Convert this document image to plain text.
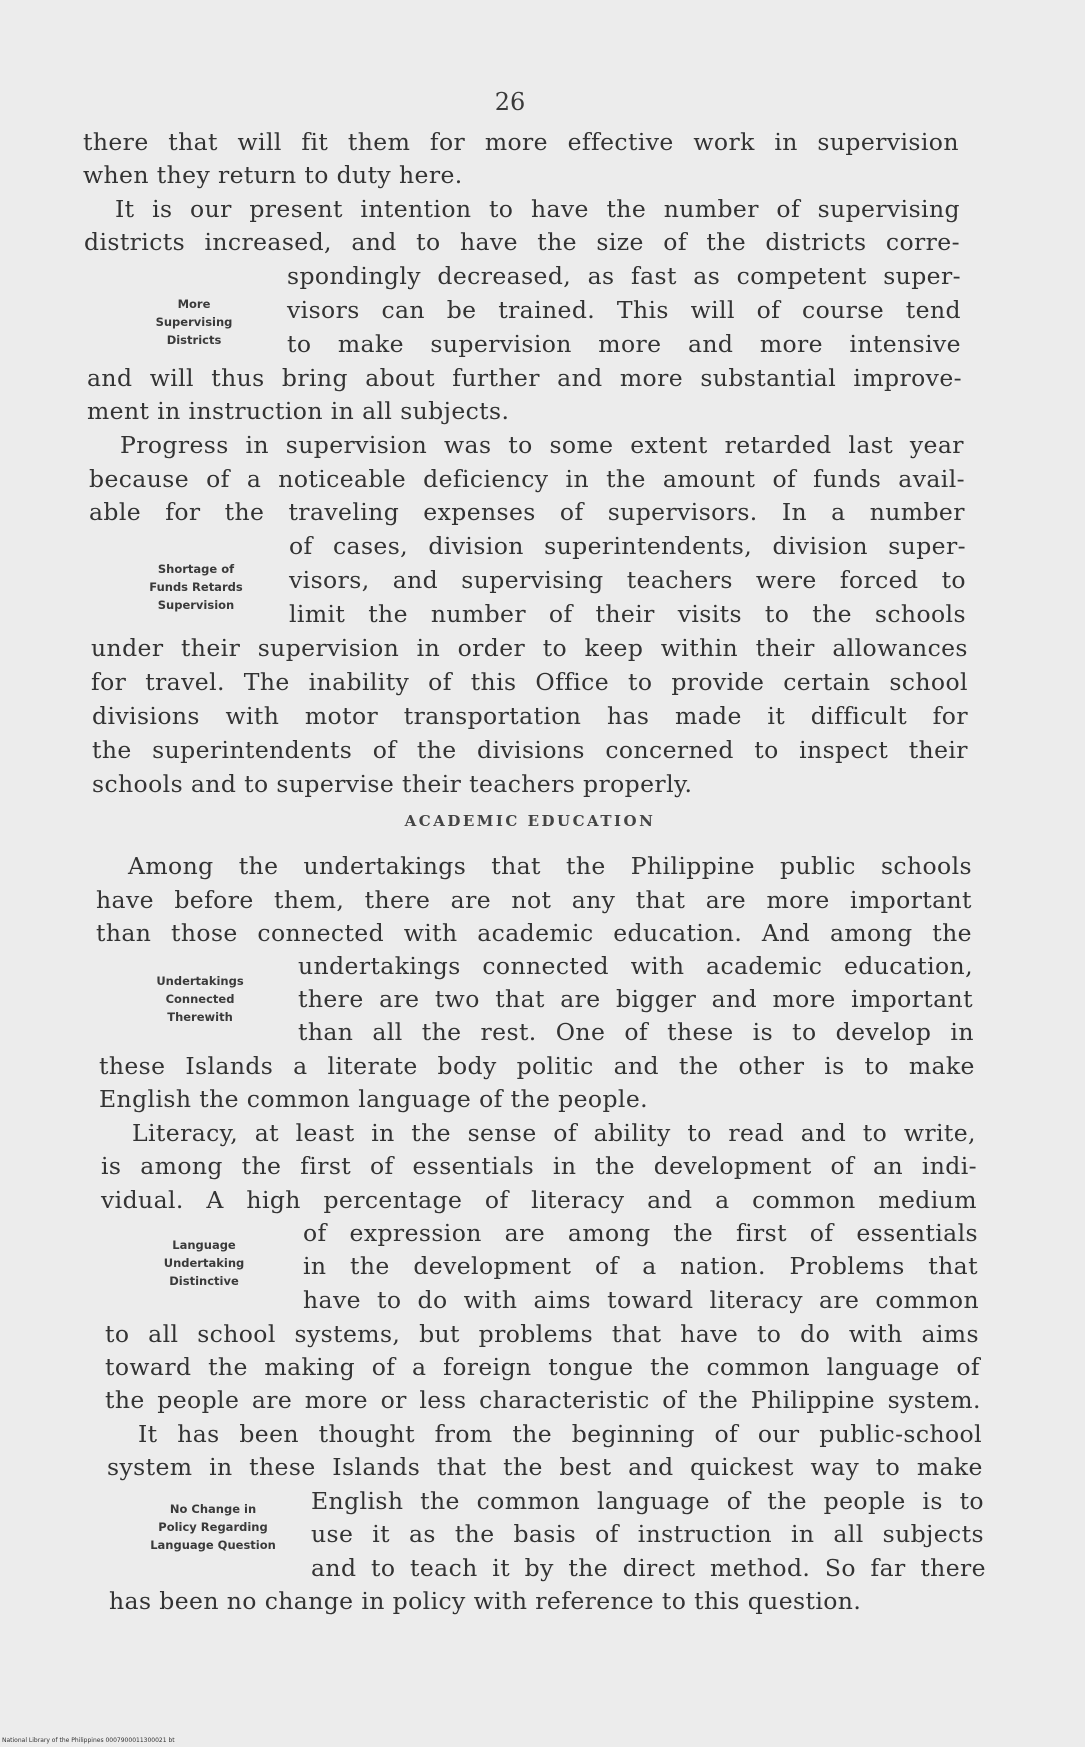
26
there that will fit them for more effective work in supervision
when they return to duty here.
It is our present intention to have the number of supervising
districts increased, and to have the size of the districts corre-
spondingly decreased, as fast as competent super-
visors can be trained. This will of course tend
to make supervision more and more intensive
and will thus bring about further and more substantial improve-
ment in instruction in all subjects.
Progress in supervision was to some extent retarded last year
because of a noticeable deficiency in the amount of funds avail-
able for the traveling expenses of supervisors. In a number
of cases, division superintendents, division super-
visors, and supervising teachers were forced to
limit the number of their visits to the schools
under their supervision in order to keep within their allowances
for travel. The inability of this Office to provide certain school
divisions with motor transportation has made it difficult for
the superintendents of the divisions concerned to inspect their
schools and to supervise their teachers properly.
ACADEMIC EDUCATION
Among the undertakings that the Philippine public schools
have before them, there are not any that are more important
than those connected with academic education. And among the
undertakings connected with academic education,
there are two that are bigger and more important
than all the rest. One of these is to develop in
these Islands a literate body politic and the other is to make
English the common language of the people.
Literacy, at least in the sense of ability to read and to write,
is among the first of essentials in the development of an indi-
vidual. A high percentage of literacy and a common medium
of expression are among the first of essentials
in the development of a nation. Problems that
have to do with aims toward literacy are common
to all school systems, but problems that have to do with aims
toward the making of a foreign tongue the common language of
the people are more or less characteristic of the Philippine system.
It has been thought from the beginning of our public-school
system in these Islands that the best and quickest way to make
English the common language of the people is to
use it as the basis of instruction in all subjects
and to teach it by the direct method. So far there
has been no change in policy with reference to this question.
More
Supervising
Districts
Shortage of
Funds Retards
Supervision
Undertakings
Connected
Therewith
Language
Undertaking
Distinctive
No Change in
Policy Regarding
Language Question
National Library of the Philippines 0007900011300021 bt
